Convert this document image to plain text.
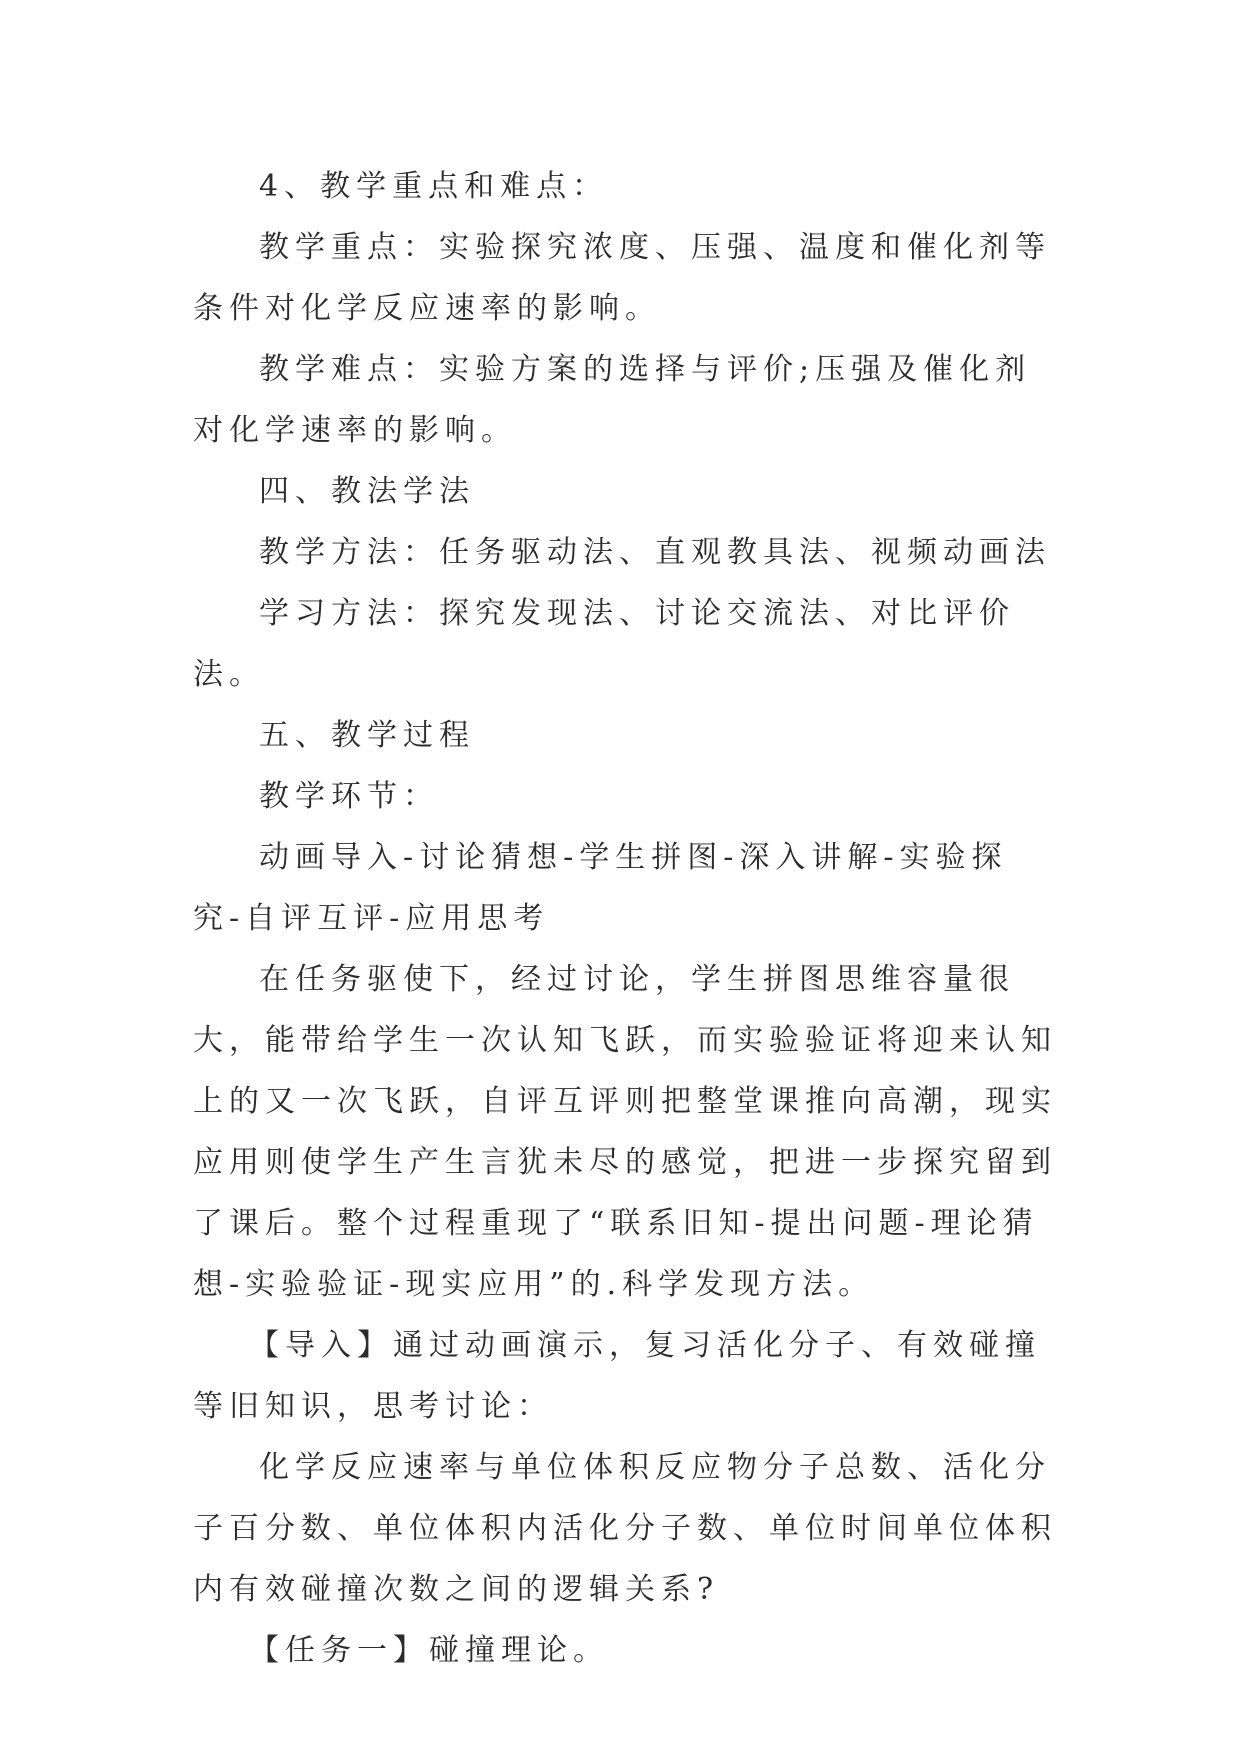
4、教学重点和难点：

教学重点：实验探究浓度、压强、温度和催化剂等条件对化学反应速率的影响。

教学难点：实验方案的选择与评价;压强及催化剂对化学速率的影响。

四、教法学法

教学方法：任务驱动法、直观教具法、视频动画法

学习方法：探究发现法、讨论交流法、对比评价法。

五、教学过程

教学环节：

动画导入-讨论猜想-学生拼图-深入讲解-实验探究-自评互评-应用思考

在任务驱使下，经过讨论，学生拼图思维容量很大，能带给学生一次认知飞跃，而实验验证将迎来认知上的又一次飞跃，自评互评则把整堂课推向高潮，现实应用则使学生产生言犹未尽的感觉，把进一步探究留到了课后。整个过程重现了“联系旧知-提出问题-理论猜想-实验验证-现实应用”的.科学发现方法。

【导入】通过动画演示，复习活化分子、有效碰撞等旧知识，思考讨论：

化学反应速率与单位体积反应物分子总数、活化分子百分数、单位体积内活化分子数、单位时间单位体积内有效碰撞次数之间的逻辑关系?

【任务一】碰撞理论。
